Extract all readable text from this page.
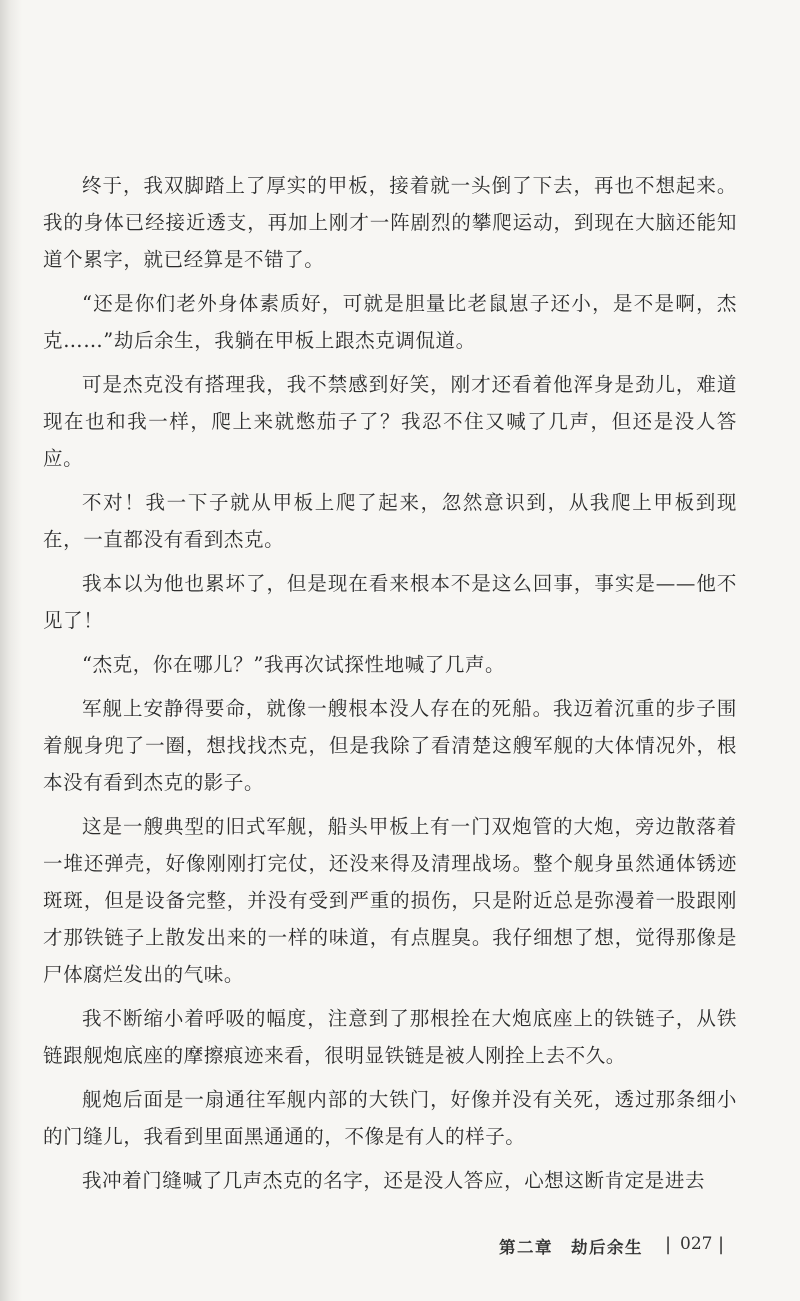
终于，我双脚踏上了厚实的甲板，接着就一头倒了下去，再也不想起来。我的身体已经接近透支，再加上刚才一阵剧烈的攀爬运动，到现在大脑还能知道个累字，就已经算是不错了。

“还是你们老外身体素质好，可就是胆量比老鼠崽子还小，是不是啊，杰克……”劫后余生，我躺在甲板上跟杰克调侃道。

可是杰克没有搭理我，我不禁感到好笑，刚才还看着他浑身是劲儿，难道现在也和我一样，爬上来就憋茄子了？我忍不住又喊了几声，但还是没人答应。

不对！我一下子就从甲板上爬了起来，忽然意识到，从我爬上甲板到现在，一直都没有看到杰克。

我本以为他也累坏了，但是现在看来根本不是这么回事，事实是——他不见了！

“杰克，你在哪儿？”我再次试探性地喊了几声。

军舰上安静得要命，就像一艘根本没人存在的死船。我迈着沉重的步子围着舰身兜了一圈，想找找杰克，但是我除了看清楚这艘军舰的大体情况外，根本没有看到杰克的影子。

这是一艘典型的旧式军舰，船头甲板上有一门双炮管的大炮，旁边散落着一堆还弹壳，好像刚刚打完仗，还没来得及清理战场。整个舰身虽然通体锈迹斑斑，但是设备完整，并没有受到严重的损伤，只是附近总是弥漫着一股跟刚才那铁链子上散发出来的一样的味道，有点腥臭。我仔细想了想，觉得那像是尸体腐烂发出的气味。

我不断缩小着呼吸的幅度，注意到了那根拴在大炮底座上的铁链子，从铁链跟舰炮底座的摩擦痕迹来看，很明显铁链是被人刚拴上去不久。

舰炮后面是一扇通往军舰内部的大铁门，好像并没有关死，透过那条细小的门缝儿，我看到里面黑通通的，不像是有人的样子。

我冲着门缝喊了几声杰克的名字，还是没人答应，心想这断肯定是进去

第二章　劫后余生 | 027 |
